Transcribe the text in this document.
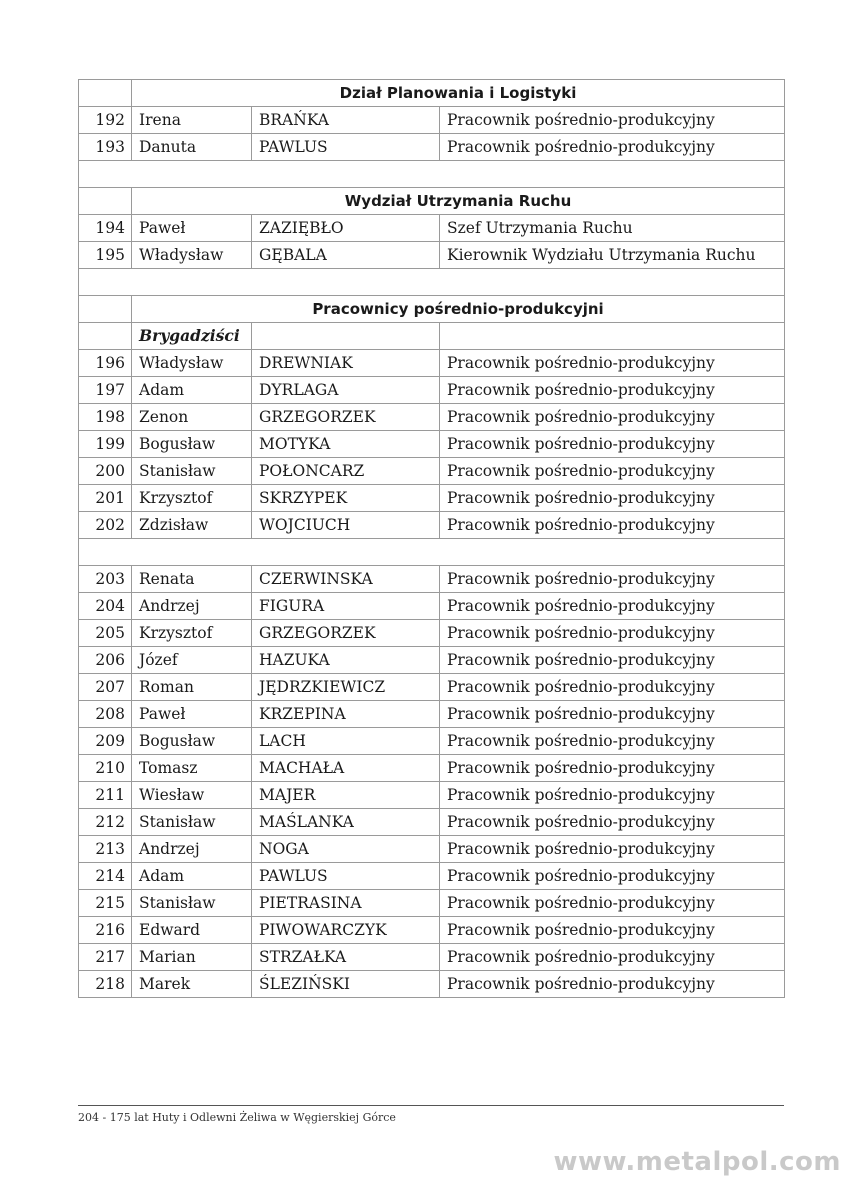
	Dział Planowania i Logistyki		
192	Irena	BRAŃKA	Pracownik pośrednio-produkcyjny
193	Danuta	PAWLUS	Pracownik pośrednio-produkcyjny

	Wydział Utrzymania Ruchu		
194	Paweł	ZAZIĘBŁO	Szef Utrzymania Ruchu
195	Władysław	GĘBALA	Kierownik Wydziału Utrzymania Ruchu

	Pracownicy pośrednio-produkcyjni		
	Brygadziści		
196	Władysław	DREWNIAK	Pracownik pośrednio-produkcyjny
197	Adam	DYRLAGA	Pracownik pośrednio-produkcyjny
198	Zenon	GRZEGORZEK	Pracownik pośrednio-produkcyjny
199	Bogusław	MOTYKA	Pracownik pośrednio-produkcyjny
200	Stanisław	POŁONCARZ	Pracownik pośrednio-produkcyjny
201	Krzysztof	SKRZYPEK	Pracownik pośrednio-produkcyjny
202	Zdzisław	WOJCIUCH	Pracownik pośrednio-produkcyjny

203	Renata	CZERWINSKA	Pracownik pośrednio-produkcyjny
204	Andrzej	FIGURA	Pracownik pośrednio-produkcyjny
205	Krzysztof	GRZEGORZEK	Pracownik pośrednio-produkcyjny
206	Józef	HAZUKA	Pracownik pośrednio-produkcyjny
207	Roman	JĘDRZKIEWICZ	Pracownik pośrednio-produkcyjny
208	Paweł	KRZEPINA	Pracownik pośrednio-produkcyjny
209	Bogusław	LACH	Pracownik pośrednio-produkcyjny
210	Tomasz	MACHAŁA	Pracownik pośrednio-produkcyjny
211	Wiesław	MAJER	Pracownik pośrednio-produkcyjny
212	Stanisław	MAŚLANKA	Pracownik pośrednio-produkcyjny
213	Andrzej	NOGA	Pracownik pośrednio-produkcyjny
214	Adam	PAWLUS	Pracownik pośrednio-produkcyjny
215	Stanisław	PIETRASINA	Pracownik pośrednio-produkcyjny
216	Edward	PIWOWARCZYK	Pracownik pośrednio-produkcyjny
217	Marian	STRZAŁKA	Pracownik pośrednio-produkcyjny
218	Marek	ŚLEZIŃSKI	Pracownik pośrednio-produkcyjny
204 - 175 lat Huty i Odlewni Żeliwa w Węgierskiej Górce
www.metalpol.com
